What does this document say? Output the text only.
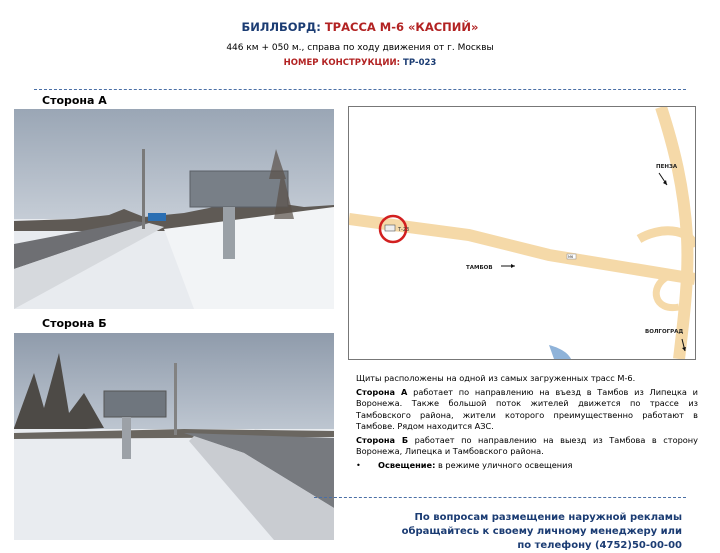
БИЛЛБОРД: ТРАССА М-6 «КАСПИЙ»
446 км + 050 м., справа по ходу движения от г. Москвы
НОМЕР КОНСТРУКЦИИ: ТР-023
Сторона А
Сторона Б
Т-23
ПЕНЗА
ТАМБОВ
ВОЛГОГРАД
М6

Щиты расположены на одной из самых загруженных трасс М-6.

Сторона А работает по направлению на въезд в Тамбов из Липецка и Воронежа. Также большой поток жителей движется по трассе из Тамбовского района, жители которого преимущественно работают в Тамбове. Рядом находится АЗС.

Сторона Б работает по направлению на выезд из Тамбова в сторону Воронежа, Липецка и Тамбовского района.

•	Освещение: в режиме уличного освещения
По вопросам размещение наружной рекламы
обращайтесь к своему личному менеджеру или
по телефону (4752)50-00-00
